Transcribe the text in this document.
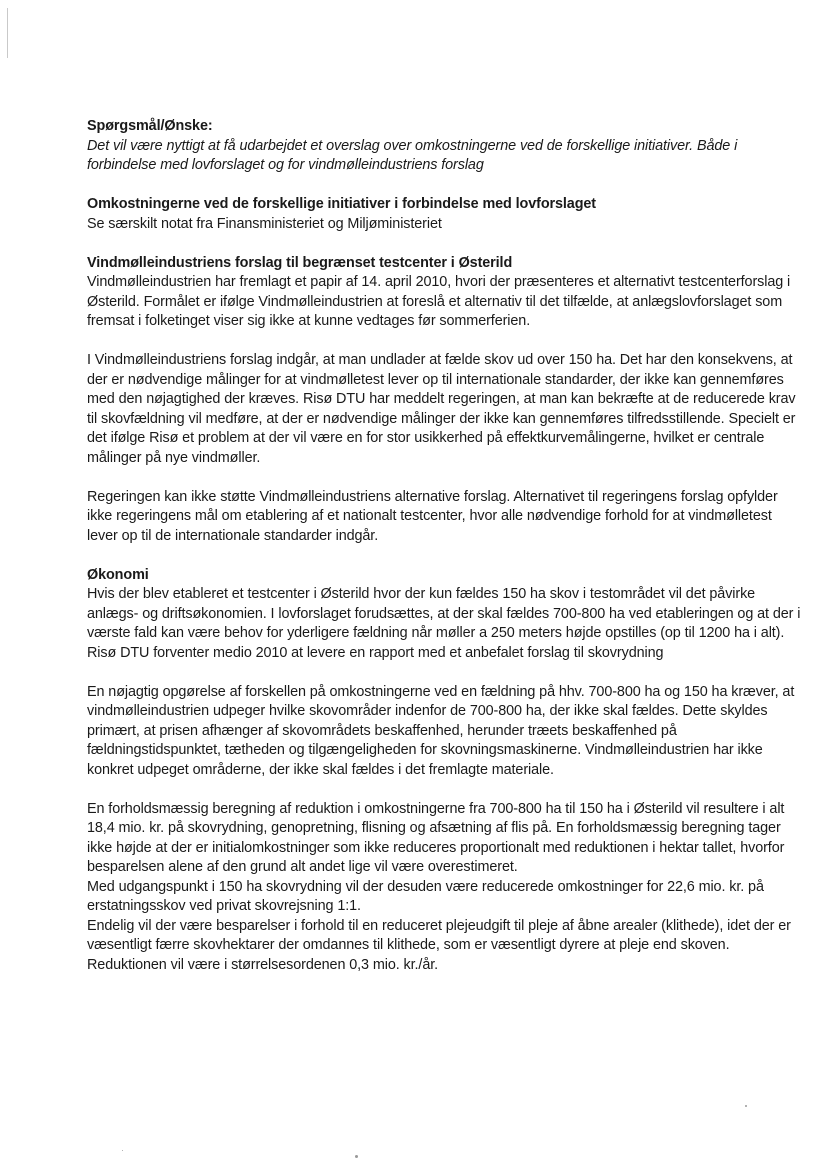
Spørgsmål/Ønske:

Det vil være nyttigt at få udarbejdet et overslag over omkostningerne ved de forskellige initiativer. Både i forbindelse med lovforslaget og for vindmølleindustriens forslag

Omkostningerne ved de forskellige initiativer i forbindelse med lovforslaget

Se særskilt notat fra Finansministeriet og Miljøministeriet

Vindmølleindustriens forslag til begrænset testcenter i Østerild

Vindmølleindustrien har fremlagt et papir af 14. april 2010, hvori der præsenteres et alternativt testcenterforslag i Østerild. Formålet er ifølge Vindmølleindustrien at foreslå et alternativ til det tilfælde, at anlægslovforslaget som fremsat i folketinget viser sig ikke at kunne vedtages før sommerferien.

I Vindmølleindustriens forslag indgår, at man undlader at fælde skov ud over 150 ha. Det har den konsekvens, at der er nødvendige målinger for at vindmølletest lever op til internationale standarder, der ikke kan gennemføres med den nøjagtighed der kræves. Risø DTU har meddelt regeringen, at man kan bekræfte at de reducerede krav til skovfældning vil medføre, at der er nødvendige målinger der ikke kan gennemføres tilfredsstillende. Specielt er det ifølge Risø et problem at der vil være en for stor usikkerhed på effektkurvemålingerne, hvilket er centrale målinger på nye vindmøller.

Regeringen kan ikke støtte Vindmølleindustriens alternative forslag. Alternativet til regeringens forslag opfylder ikke regeringens mål om etablering af et nationalt testcenter, hvor alle nødvendige forhold for at vindmølletest lever op til de internationale standarder indgår.

Økonomi

Hvis der blev etableret et testcenter i Østerild hvor der kun fældes 150 ha skov i testområdet vil det påvirke anlægs- og driftsøkonomien. I lovforslaget forudsættes, at der skal fældes 700-800 ha ved etableringen og at der i værste fald kan være behov for yderligere fældning når møller a 250 meters højde opstilles (op til 1200 ha i alt). Risø DTU forventer medio 2010 at levere en rapport med et anbefalet forslag til skovrydning

En nøjagtig opgørelse af forskellen på omkostningerne ved en fældning på hhv. 700-800 ha og 150 ha kræver, at vindmølleindustrien udpeger hvilke skovområder indenfor de 700-800 ha, der ikke skal fældes. Dette skyldes primært, at prisen afhænger af skovområdets beskaffenhed, herunder træets beskaffenhed på fældningstidspunktet, tætheden og tilgængeligheden for skovningsmaskinerne. Vindmølleindustrien har ikke konkret udpeget områderne, der ikke skal fældes i det fremlagte materiale.

En forholdsmæssig beregning af reduktion i omkostningerne fra 700-800 ha til 150 ha i Østerild vil resultere i alt 18,4 mio. kr. på skovrydning, genopretning, flisning og afsætning af flis på. En forholdsmæssig beregning tager ikke højde at der er initialomkostninger som ikke reduceres proportionalt med reduktionen i hektar tallet, hvorfor besparelsen alene af den grund alt andet lige vil være overestimeret.

Med udgangspunkt i 150 ha skovrydning vil der desuden være reducerede omkostninger for 22,6 mio. kr. på erstatningsskov ved privat skovrejsning 1:1.

Endelig vil der være besparelser i forhold til en reduceret plejeudgift til pleje af åbne arealer (klithede), idet der er væsentligt færre skovhektarer der omdannes til klithede, som er væsentligt dyrere at pleje end skoven. Reduktionen vil være i størrelsesordenen 0,3 mio. kr./år.
